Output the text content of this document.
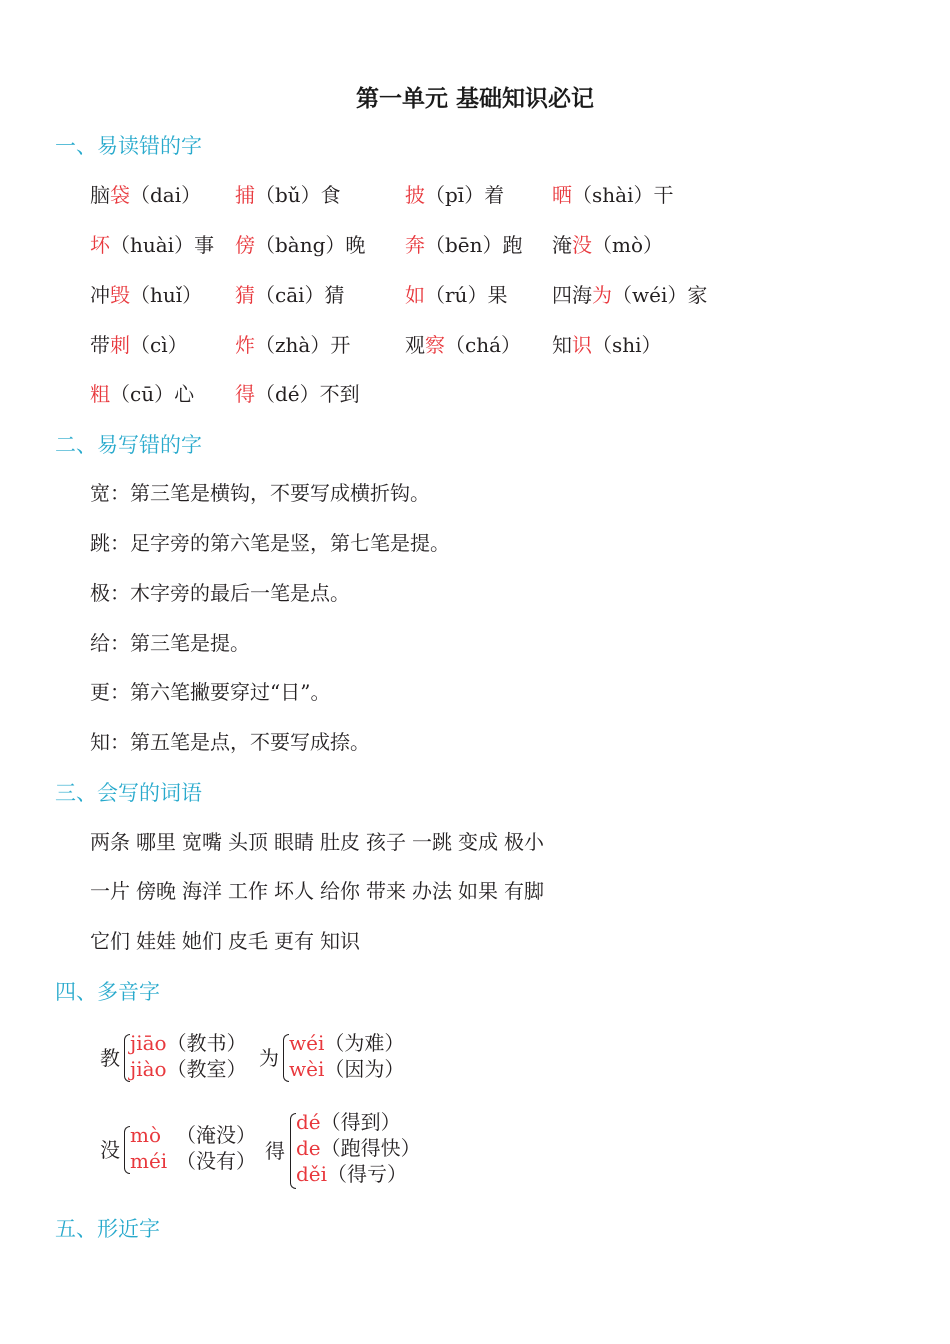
第一单元 基础知识必记
一、易读错的字
脑袋（dai） 捕（bǔ）食	披（pī）着 晒（shài）干
坏（huài）事 傍（bàng）晚 奔（bēn）跑 淹没（mò）
冲毁（huǐ） 猜（cāi）猜	如（rú）果 四海为（wéi）家
带刺（cì） 炸（zhà）开	观察（chá） 知识（shi）
粗（cū）心 得（dé）不到
二、易写错的字
宽：第三笔是横钩，不要写成横折钩。
跳：足字旁的第六笔是竖，第七笔是提。
极：木字旁的最后一笔是点。
给：第三笔是提。
更：第六笔撇要穿过“日”。
知：第五笔是点，不要写成捺。
三、会写的词语
两条 哪里 宽嘴 头顶 眼睛 肚皮 孩子 一跳 变成 极小
一片 傍晚 海洋 工作 坏人 给你 带来 办法 如果 有脚
它们 娃娃 她们 皮毛 更有 知识
四、多音字
教
jiāo（教书）
jiào（教室） 为
wéi（为难）
wèi（因为）
没
mò （淹没）
méi （没有） 得
dé（得到）
de（跑得快）
děi（得亏）
五、形近字
